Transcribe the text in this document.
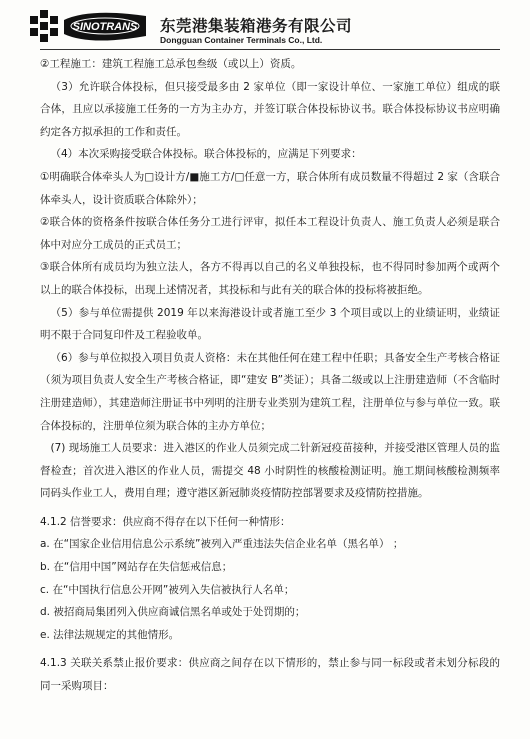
SINOTRANS 东莞港集装箱港务有限公司
Dongguan Container Terminals Co., Ltd.

②工程施工：建筑工程施工总承包叁级（或以上）资质。

（3）允许联合体投标，但只接受最多由 2 家单位（即一家设计单位、一家施工单位）组成的联合体，且应以承接施工任务的一方为主办方，并签订联合体投标协议书。联合体投标协议书应明确约定各方拟承担的工作和责任。

（4）本次采购接受联合体投标。联合体投标的，应满足下列要求：

①明确联合体牵头人为□设计方/■施工方/□任意一方，联合体所有成员数量不得超过 2 家（含联合体牵头人，设计资质联合体除外）；

②联合体的资格条件按联合体任务分工进行评审，拟任本工程设计负责人、施工负责人必须是联合体中对应分工成员的正式员工；

③联合体所有成员均为独立法人，各方不得再以自己的名义单独投标，也不得同时参加两个或两个以上的联合体投标，出现上述情况者，其投标和与此有关的联合体的投标将被拒绝。

（5）参与单位需提供 2019 年以来海港设计或者施工至少 3 个项目或以上的业绩证明，业绩证明不限于合同复印件及工程验收单。

（6）参与单位拟投入项目负责人资格：未在其他任何在建工程中任职；具备安全生产考核合格证（须为项目负责人安全生产考核合格证，即“建安 B”类证）；具备二级或以上注册建造师（不含临时注册建造师），其建造师注册证书中列明的注册专业类别为建筑工程，注册单位与参与单位一致。联合体投标的，注册单位须为联合体的主办方单位；

(7) 现场施工人员要求：进入港区的作业人员须完成二针新冠疫苗接种，并接受港区管理人员的监督检查；首次进入港区的作业人员，需提交 48 小时阴性的核酸检测证明。施工期间核酸检测频率同码头作业工人，费用自理；遵守港区新冠肺炎疫情防控部署要求及疫情防控措施。

4.1.2 信誉要求：供应商不得存在以下任何一种情形：

a. 在“国家企业信用信息公示系统”被列入严重违法失信企业名单（黑名单） ；

b. 在“信用中国”网站存在失信惩戒信息；

c. 在“中国执行信息公开网”被列入失信被执行人名单；

d. 被招商局集团列入供应商诚信黑名单或处于处罚期的；

e. 法律法规规定的其他情形。

4.1.3 关联关系禁止报价要求：供应商之间存在以下情形的，禁止参与同一标段或者未划分标段的同一采购项目：
